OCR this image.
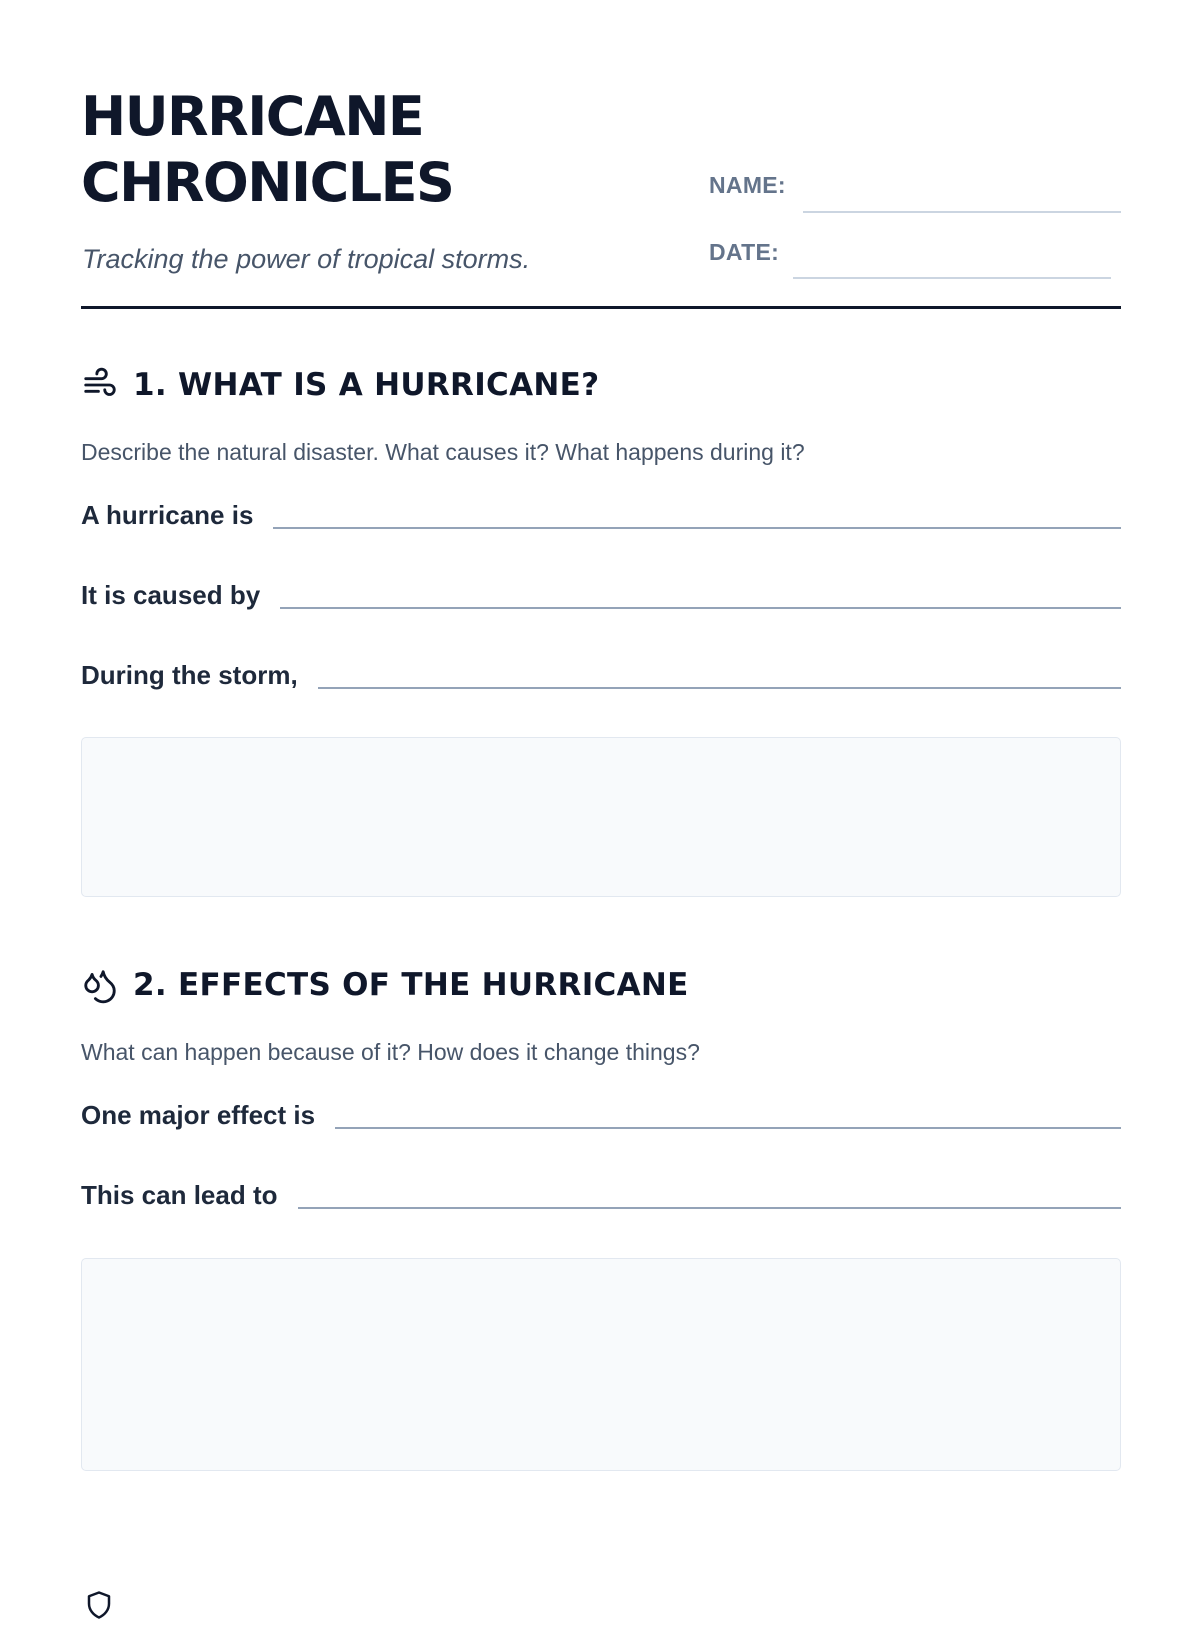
HURRICANE
CHRONICLES
Tracking the power of tropical storms.
NAME:
DATE:
1. WHAT IS A HURRICANE?
Describe the natural disaster. What causes it? What happens during it?
A hurricane is
It is caused by
During the storm,
2. EFFECTS OF THE HURRICANE
What can happen because of it? How does it change things?
One major effect is
This can lead to
